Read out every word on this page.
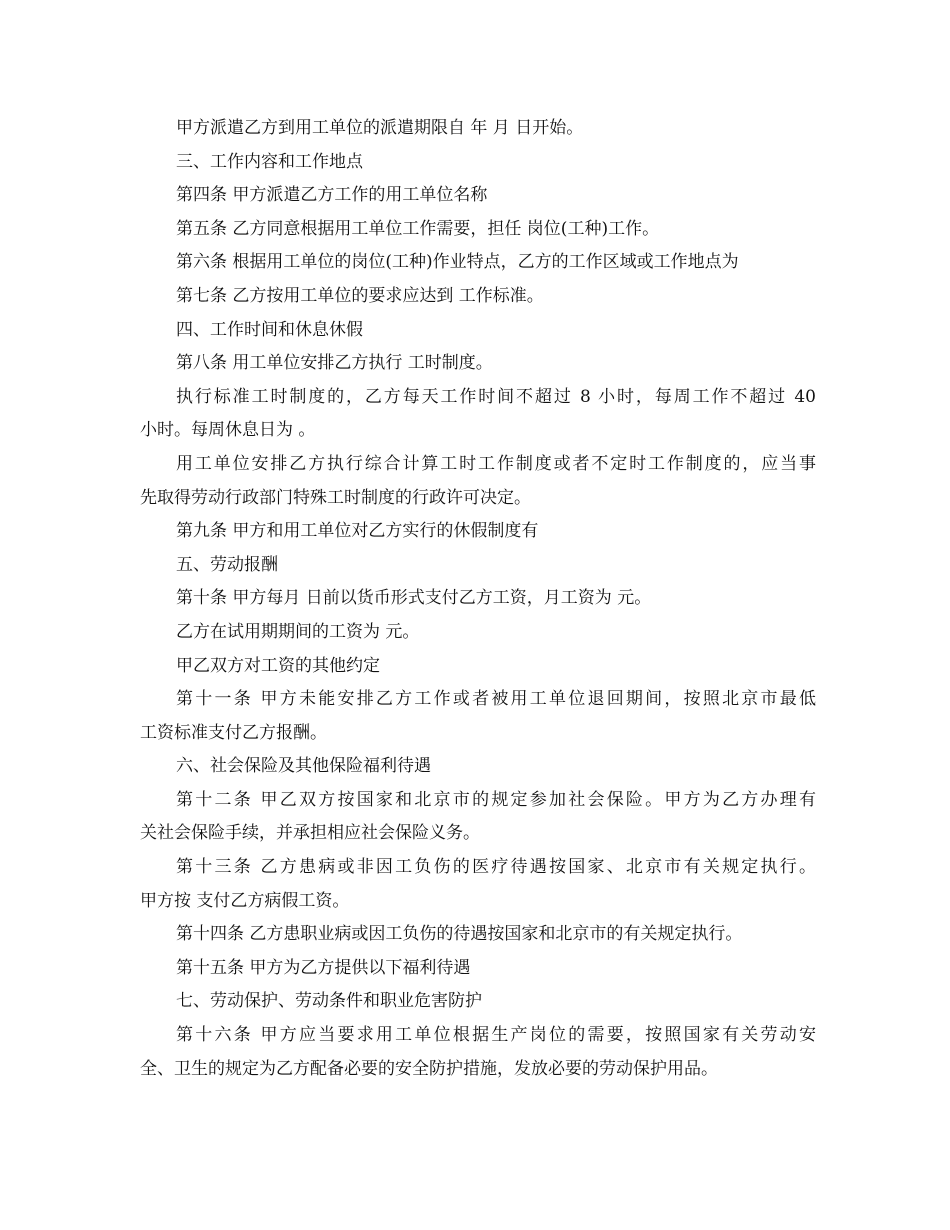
甲方派遣乙方到用工单位的派遣期限自 年 月 日开始。
三、工作内容和工作地点
第四条 甲方派遣乙方工作的用工单位名称
第五条 乙方同意根据用工单位工作需要，担任 岗位(工种)工作。
第六条 根据用工单位的岗位(工种)作业特点，乙方的工作区域或工作地点为
第七条 乙方按用工单位的要求应达到 工作标准。
四、工作时间和休息休假
第八条 用工单位安排乙方执行 工时制度。
执行标准工时制度的，乙方每天工作时间不超过 8 小时，每周工作不超过 40
小时。每周休息日为 。
用工单位安排乙方执行综合计算工时工作制度或者不定时工作制度的，应当事
先取得劳动行政部门特殊工时制度的行政许可决定。
第九条 甲方和用工单位对乙方实行的休假制度有
五、劳动报酬
第十条 甲方每月 日前以货币形式支付乙方工资，月工资为 元。
乙方在试用期期间的工资为 元。
甲乙双方对工资的其他约定
第十一条 甲方未能安排乙方工作或者被用工单位退回期间，按照北京市最低
工资标准支付乙方报酬。
六、社会保险及其他保险福利待遇
第十二条 甲乙双方按国家和北京市的规定参加社会保险。甲方为乙方办理有
关社会保险手续，并承担相应社会保险义务。
第十三条 乙方患病或非因工负伤的医疗待遇按国家、北京市有关规定执行。
甲方按 支付乙方病假工资。
第十四条 乙方患职业病或因工负伤的待遇按国家和北京市的有关规定执行。
第十五条 甲方为乙方提供以下福利待遇
七、劳动保护、劳动条件和职业危害防护
第十六条 甲方应当要求用工单位根据生产岗位的需要，按照国家有关劳动安
全、卫生的规定为乙方配备必要的安全防护措施，发放必要的劳动保护用品。
